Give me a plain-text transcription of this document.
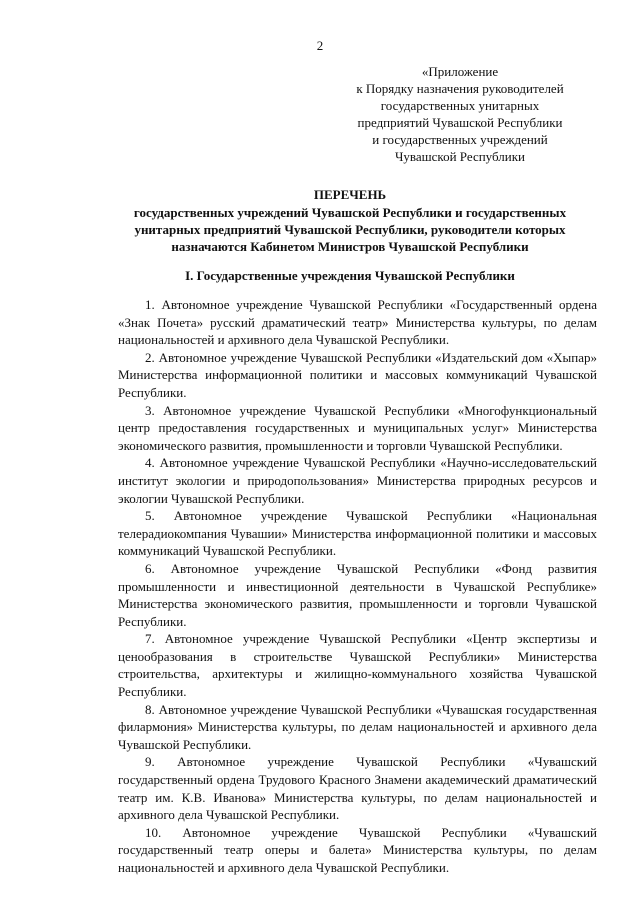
2
«Приложение
к Порядку назначения руководителей
государственных унитарных
предприятий Чувашской Республики
и государственных учреждений
Чувашской Республики
ПЕРЕЧЕНЬ
государственных учреждений Чувашской Республики и государственных
унитарных предприятий Чувашской Республики, руководители которых
назначаются Кабинетом Министров Чувашской Республики
I. Государственные учреждения Чувашской Республики

1. Автономное учреждение Чувашской Республики «Государственный ордена «Знак Почета» русский драматический театр» Министерства культуры, по делам национальностей и архивного дела Чувашской Республики.

2. Автономное учреждение Чувашской Республики «Издательский дом «Хыпар» Министерства информационной политики и массовых коммуникаций Чувашской Республики.

3. Автономное учреждение Чувашской Республики «Многофункциональный центр предоставления государственных и муниципальных услуг» Министерства экономического развития, промышленности и торговли Чувашской Республики.

4. Автономное учреждение Чувашской Республики «Научно-исследовательский институт экологии и природопользования» Министерства природных ресурсов и экологии Чувашской Республики.

5. Автономное учреждение Чувашской Республики «Национальная телерадиокомпания Чувашии» Министерства информационной политики и массовых коммуникаций Чувашской Республики.

6. Автономное учреждение Чувашской Республики «Фонд развития промышленности и инвестиционной деятельности в Чувашской Республике» Министерства экономического развития, промышленности и торговли Чувашской Республики.

7. Автономное учреждение Чувашской Республики «Центр экспертизы и ценообразования в строительстве Чувашской Республики» Министерства строительства, архитектуры и жилищно-коммунального хозяйства Чувашской Республики.

8. Автономное учреждение Чувашской Республики «Чувашская государственная филармония» Министерства культуры, по делам национальностей и архивного дела Чувашской Республики.

9. Автономное учреждение Чувашской Республики «Чувашский государственный ордена Трудового Красного Знамени академический драматический театр им. К.В. Иванова» Министерства культуры, по делам национальностей и архивного дела Чувашской Республики.

10. Автономное учреждение Чувашской Республики «Чувашский государственный театр оперы и балета» Министерства культуры, по делам национальностей и архивного дела Чувашской Республики.
